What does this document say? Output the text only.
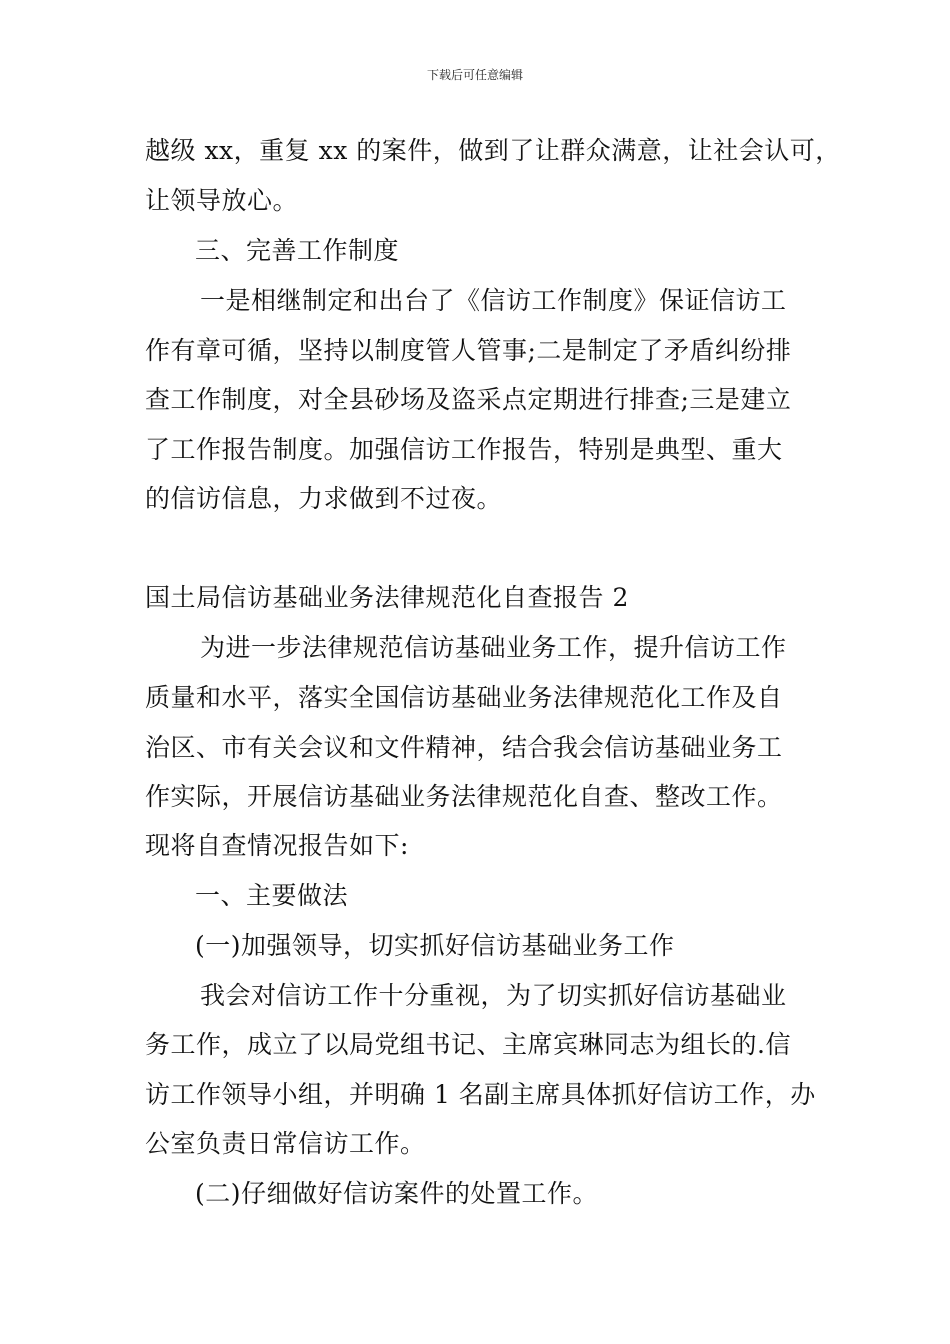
下载后可任意编辑
越级 xx，重复 xx 的案件，做到了让群众满意，让社会认可，
让领导放心。
三、完善工作制度
一是相继制定和出台了《信访工作制度》保证信访工
作有章可循，坚持以制度管人管事;二是制定了矛盾纠纷排
查工作制度，对全县砂场及盗采点定期进行排查;三是建立
了工作报告制度。加强信访工作报告，特别是典型、重大
的信访信息，力求做到不过夜。
国土局信访基础业务法律规范化自查报告 2
为进一步法律规范信访基础业务工作，提升信访工作
质量和水平，落实全国信访基础业务法律规范化工作及自
治区、市有关会议和文件精神，结合我会信访基础业务工
作实际，开展信访基础业务法律规范化自查、整改工作。
现将自查情况报告如下:
一、主要做法
(一)加强领导，切实抓好信访基础业务工作
我会对信访工作十分重视，为了切实抓好信访基础业
务工作，成立了以局党组书记、主席宾琳同志为组长的.信
访工作领导小组，并明确 1 名副主席具体抓好信访工作，办
公室负责日常信访工作。
(二)仔细做好信访案件的处置工作。
